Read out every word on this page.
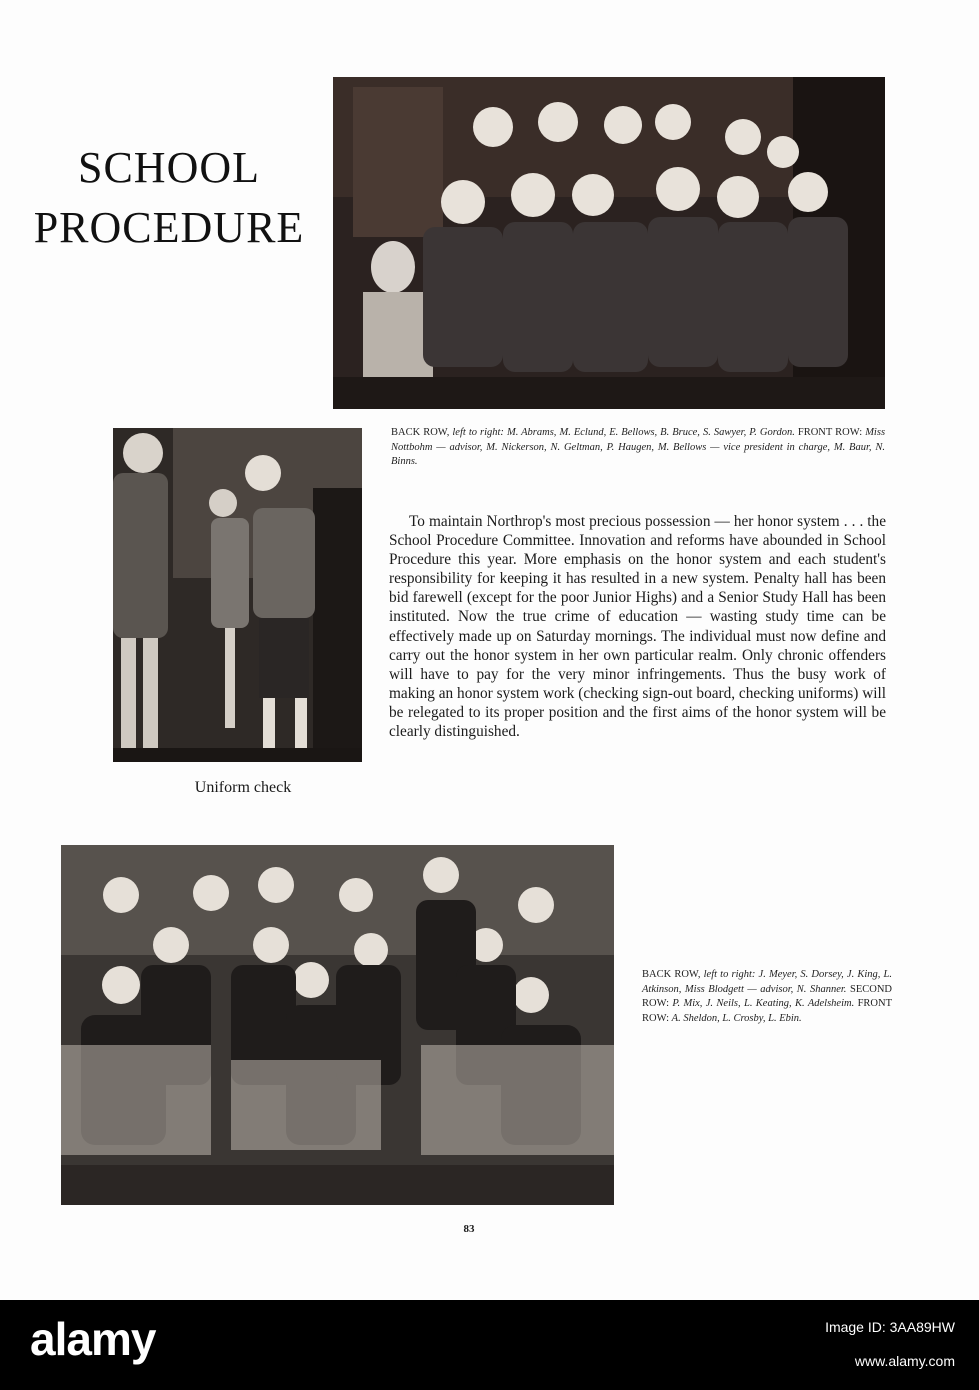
SCHOOL
PROCEDURE
BACK ROW, left to right: M. Abrams, M. Eclund, E. Bellows, B. Bruce, S. Sawyer, P. Gordon. FRONT ROW: Miss Nottbohm — advisor, M. Nickerson, N. Geltman, P. Haugen, M. Bellows — vice president in charge, M. Baur, N. Binns.
Uniform check

To maintain Northrop's most precious possession — her honor system . . . the School Procedure Committee. Innovation and reforms have abounded in School Procedure this year. More emphasis on the honor system and each student's responsibility for keeping it has resulted in a new system. Penalty hall has been bid farewell (except for the poor Junior Highs) and a Senior Study Hall has been instituted. Now the true crime of education — wasting study time can be effectively made up on Saturday mornings. The individual must now define and carry out the honor system in her own particular realm. Only chronic offenders will have to pay for the very minor infringements. Thus the busy work of making an honor system work (checking sign-out board, checking uniforms) will be relegated to its proper position and the first aims of the honor system will be clearly distinguished.

BACK ROW, left to right: J. Meyer, S. Dorsey, J. King, L. Atkinson, Miss Blodgett — advisor, N. Shanner. SECOND ROW: P. Mix, J. Neils, L. Keating, K. Adelsheim. FRONT ROW: A. Sheldon, L. Crosby, L. Ebin.
83
alamy	Image ID: 3AA89HW
www.alamy.com
